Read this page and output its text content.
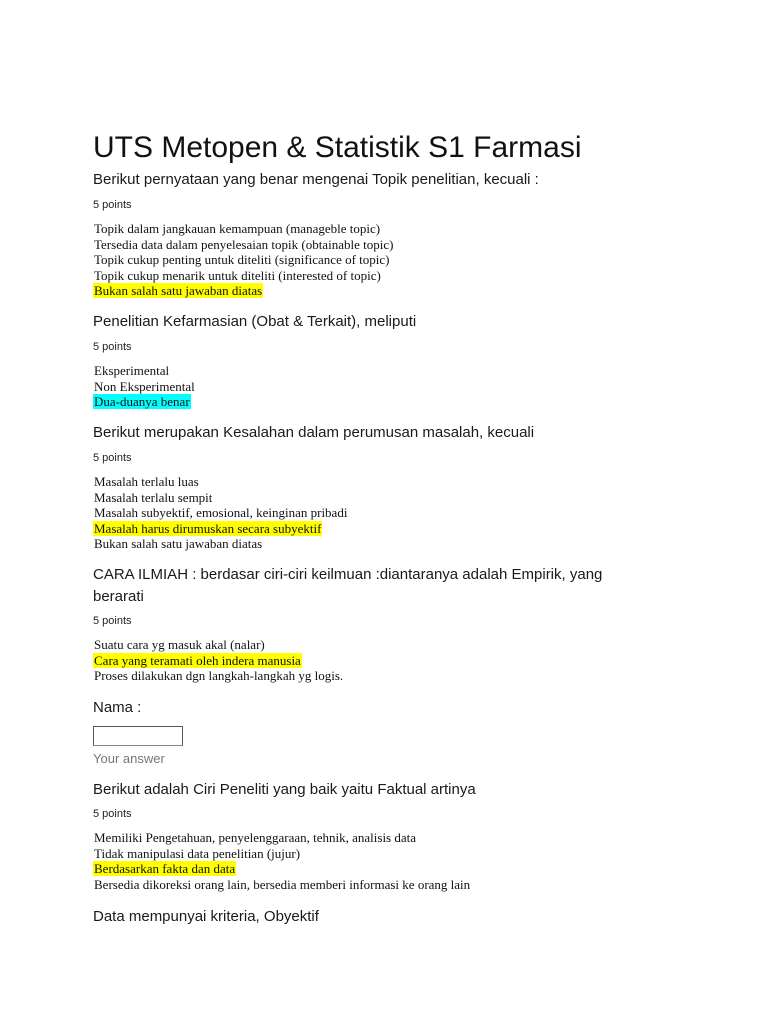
UTS Metopen & Statistik S1 Farmasi
Berikut pernyataan yang benar mengenai Topik penelitian, kecuali :
5 points
Topik dalam jangkauan kemampuan (manageble topic)
Tersedia data dalam penyelesaian topik (obtainable topic)
Topik cukup penting untuk diteliti (significance of topic)
Topik cukup menarik untuk diteliti (interested of topic)
Bukan salah satu jawaban diatas
Penelitian Kefarmasian (Obat & Terkait), meliputi
5 points
Eksperimental
Non Eksperimental
Dua-duanya benar
Berikut merupakan Kesalahan dalam perumusan masalah, kecuali
5 points
Masalah terlalu luas
Masalah terlalu sempit
Masalah subyektif, emosional, keinginan pribadi
Masalah harus dirumuskan secara subyektif
Bukan salah satu jawaban diatas
CARA ILMIAH : berdasar ciri-ciri keilmuan :diantaranya adalah Empirik, yang berarati
5 points
Suatu cara yg masuk akal (nalar)
Cara yang teramati oleh indera manusia
Proses dilakukan dgn langkah-langkah yg logis.
Nama :
Your answer
Berikut adalah Ciri Peneliti yang baik yaitu Faktual artinya
5 points
Memiliki Pengetahuan, penyelenggaraan, tehnik, analisis data
Tidak manipulasi data penelitian (jujur)
Berdasarkan fakta dan data
Bersedia dikoreksi orang lain, bersedia memberi informasi ke orang lain
Data mempunyai kriteria, Obyektif
